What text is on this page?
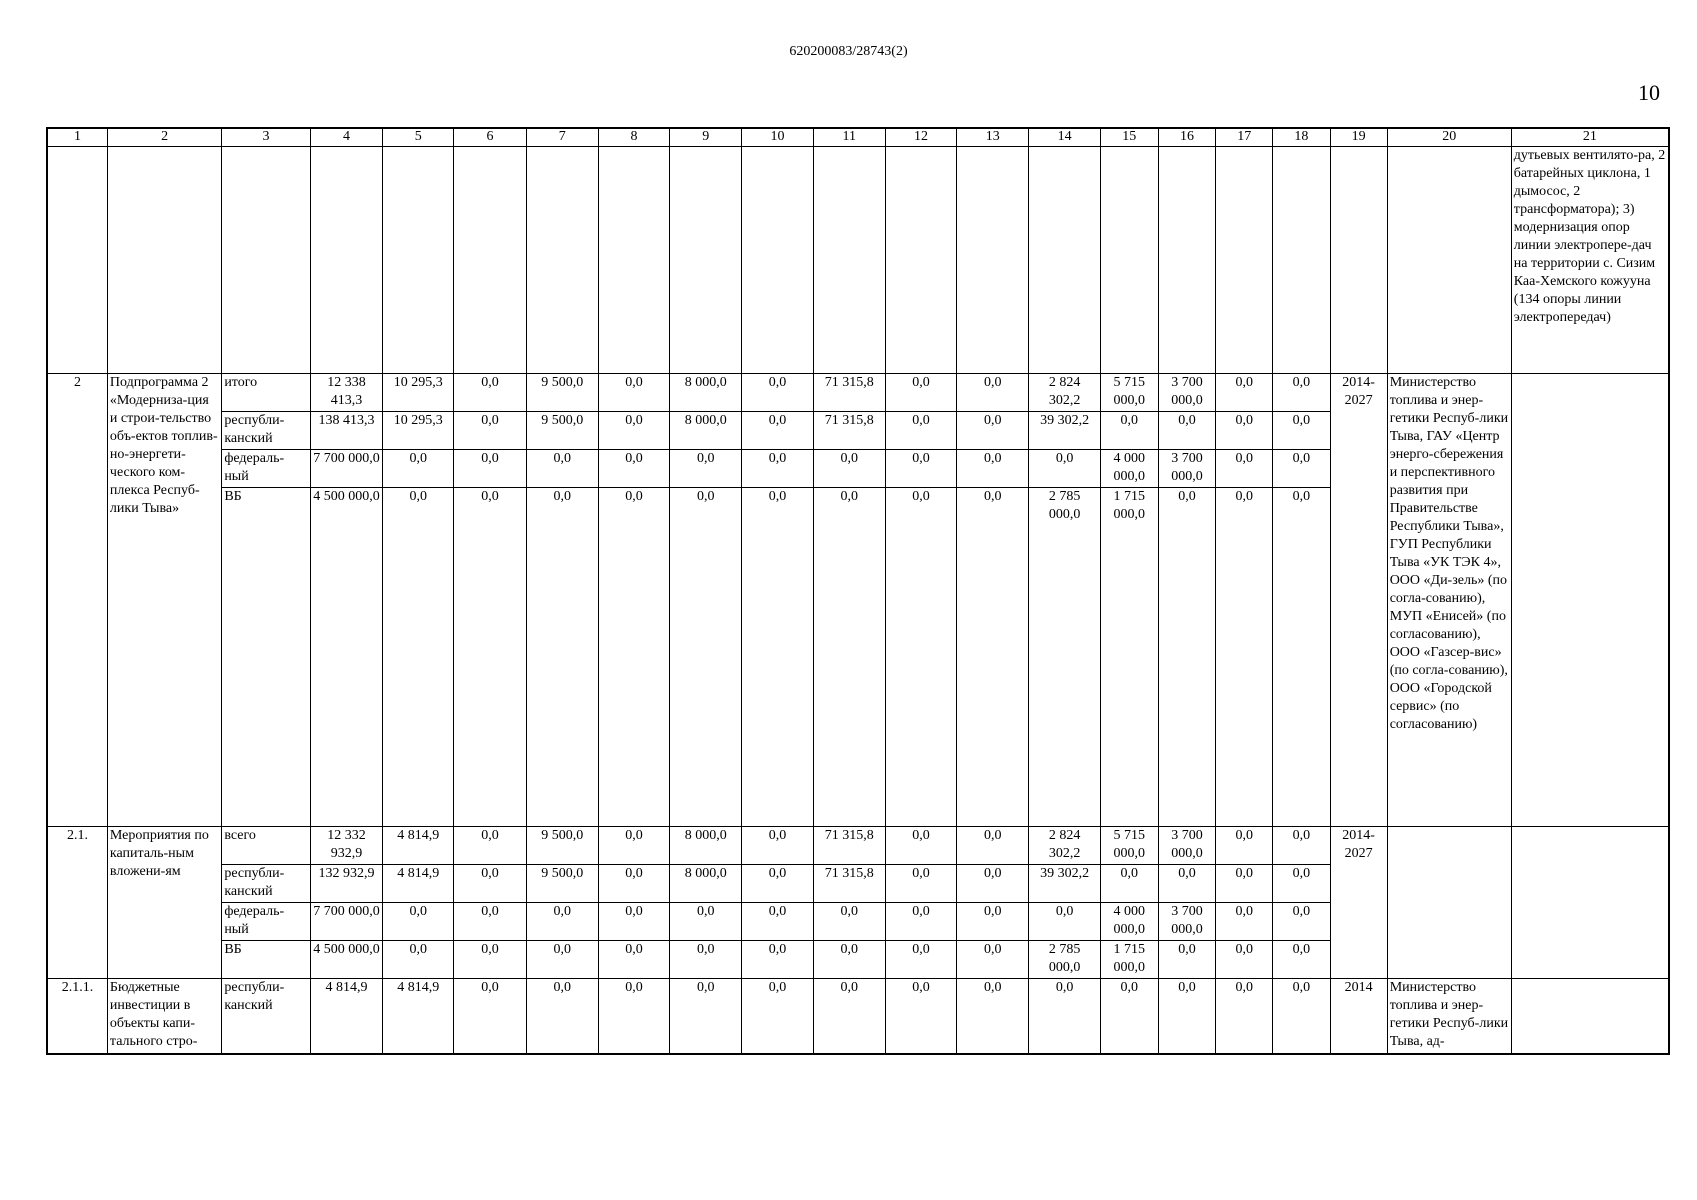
620200083/28743(2)
10
1	2	3	4	5	6	7	8	9	10	11	12	13	14	15	16	17	18	19	20	21
																				дутьевых вентилято-ра, 2 батарейных циклона, 1 дымосос, 2 трансформатора); 3) модернизация опор линии электропере-дач на территории с. Сизим Каа-Хемского кожууна (134 опоры линии электропередач)
2	Подпрограмма 2 «Модерниза-ция и строи-тельство объ-ектов топлив-но-энергети-ческого ком-плекса Респуб-лики Тыва»	итого	12 338 413,3	10 295,3	0,0	9 500,0	0,0	8 000,0	0,0	71 315,8	0,0	0,0	2 824 302,2	5 715 000,0	3 700 000,0	0,0	0,0	2014-2027	Министерство топлива и энер-гетики Респуб-лики Тыва, ГАУ «Центр энерго-сбережения и перспективного развития при Правительстве Республики Тыва», ГУП Республики Тыва «УК ТЭК 4», ООО «Ди-зель» (по согла-сованию), МУП «Енисей» (по согласованию), ООО «Газсер-вис» (по согла-сованию), ООО «Городской сервис» (по согласованию)	
		республи-канский	138 413,3	10 295,3	0,0	9 500,0	0,0	8 000,0	0,0	71 315,8	0,0	0,0	39 302,2	0,0	0,0	0,0	0,0			
		федераль-ный	7 700 000,0	0,0	0,0	0,0	0,0	0,0	0,0	0,0	0,0	0,0	0,0	4 000 000,0	3 700 000,0	0,0	0,0			
		ВБ	4 500 000,0	0,0	0,0	0,0	0,0	0,0	0,0	0,0	0,0	0,0	2 785 000,0	1 715 000,0	0,0	0,0	0,0			
2.1.	Мероприятия по капиталь-ным вложени-ям	всего	12 332 932,9	4 814,9	0,0	9 500,0	0,0	8 000,0	0,0	71 315,8	0,0	0,0	2 824 302,2	5 715 000,0	3 700 000,0	0,0	0,0	2014-2027		
		республи-канский	132 932,9	4 814,9	0,0	9 500,0	0,0	8 000,0	0,0	71 315,8	0,0	0,0	39 302,2	0,0	0,0	0,0	0,0			
		федераль-ный	7 700 000,0	0,0	0,0	0,0	0,0	0,0	0,0	0,0	0,0	0,0	0,0	4 000 000,0	3 700 000,0	0,0	0,0			
		ВБ	4 500 000,0	0,0	0,0	0,0	0,0	0,0	0,0	0,0	0,0	0,0	2 785 000,0	1 715 000,0	0,0	0,0	0,0			
2.1.1.	Бюджетные инвестиции в объекты капи-тального стро-	республи-канский	4 814,9	4 814,9	0,0	0,0	0,0	0,0	0,0	0,0	0,0	0,0	0,0	0,0	0,0	0,0	0,0	2014	Министерство топлива и энер-гетики Респуб-лики Тыва, ад-	
